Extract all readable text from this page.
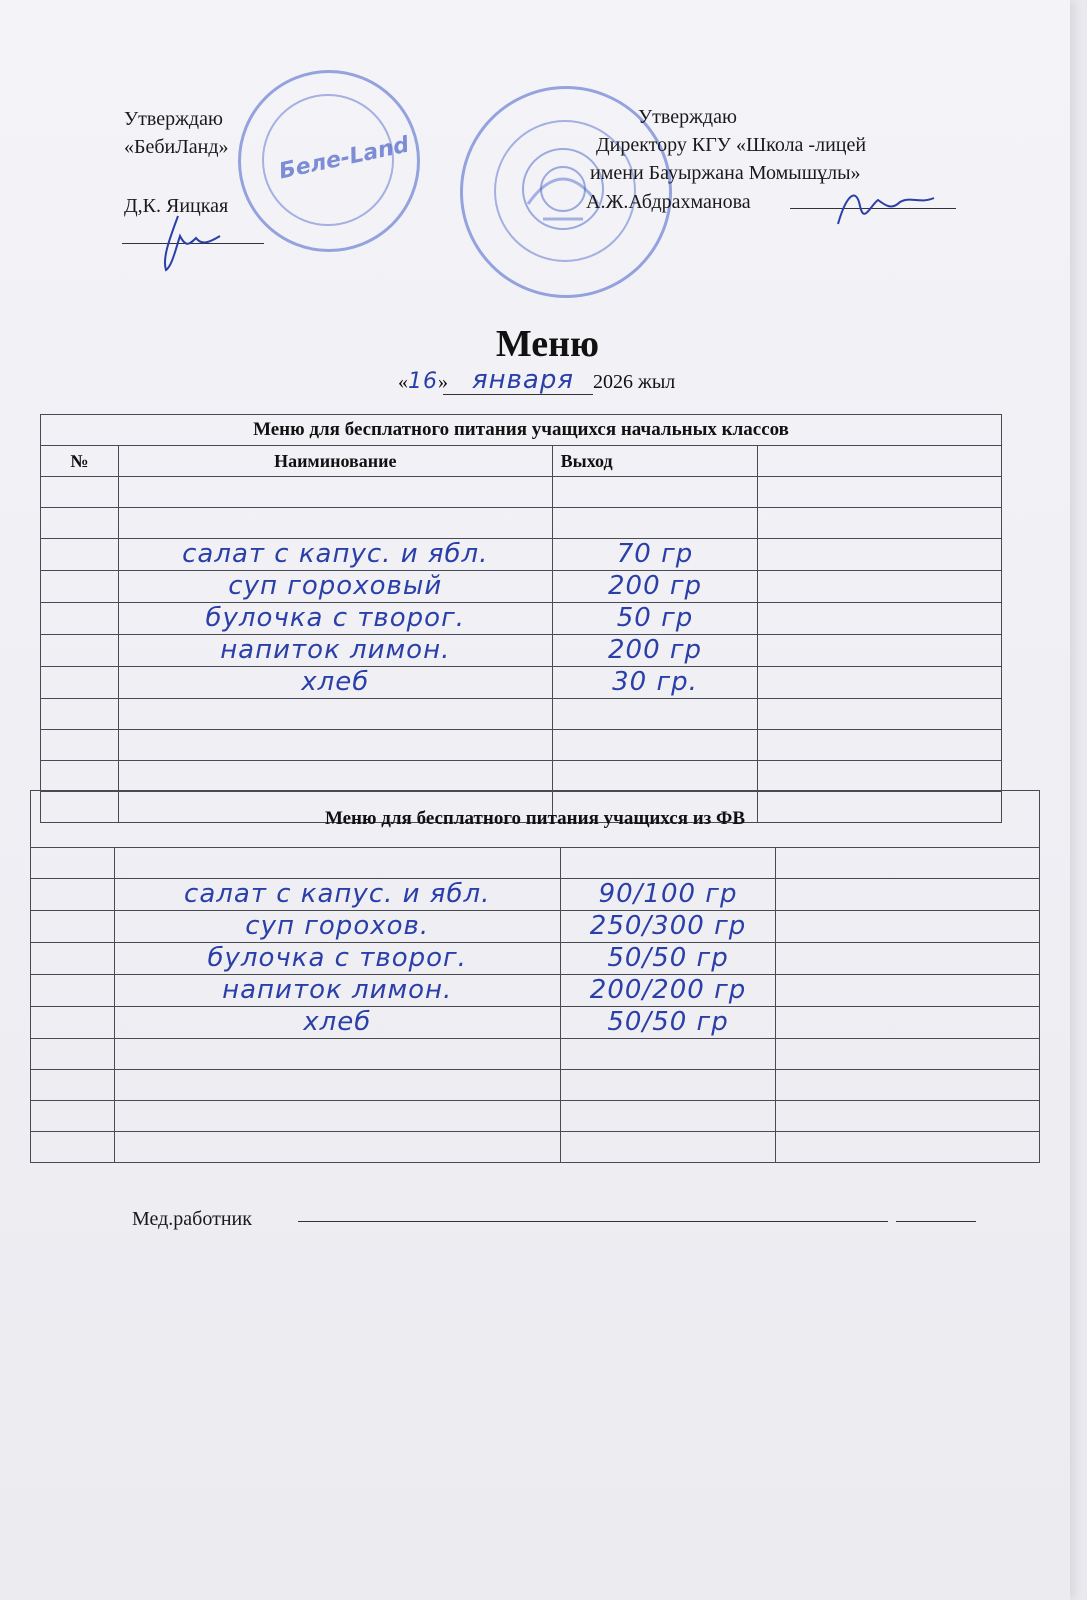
Утверждаю
«БебиЛанд»
Д,К. Яицкая
Беле-Land
Утверждаю
Директору КГУ «Школа -лицей
имени Бауыржана Момышұлы»
А.Ж.Абдрахманова
Меню
«16» января 2026 жыл
Меню для бесплатного питания учащихся начальных классов			
№	Наиминование	Выход	

	салат с капус. и ябл.	70 гр	
	суп гороховый	200 гр	
	булочка с творог.	50 гр	
	напиток лимон.	200 гр	
	хлеб	30 гр.	

Меню для бесплатного питания учащихся из ФВ			

	салат с капус. и ябл.	90/100 гр	
	суп горохов.	250/300 гр	
	булочка с творог.	50/50 гр	
	напиток лимон.	200/200 гр	
	хлеб	50/50 гр	

Мед.работник
